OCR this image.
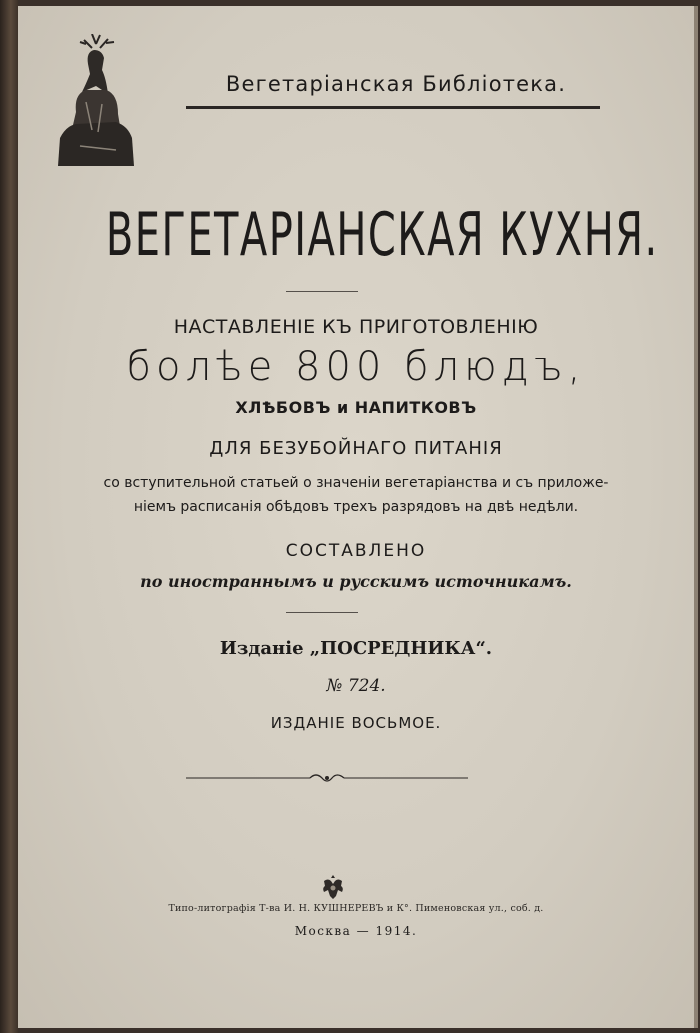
Вегетаріанская Библіотека.
ВЕГЕТАРІАНСКАЯ КУХНЯ.
НАСТАВЛЕНІЕ КЪ ПРИГОТОВЛЕНІЮ
болѣе 800 блюдъ,
ХЛѢБОВЪ и НАПИТКОВЪ
ДЛЯ БЕЗУБОЙНАГО ПИТАНІЯ
со вступительной статьей о значеніи вегетаріанства и съ приложе-
ніемъ расписанія обѣдовъ трехъ разрядовъ на двѣ недѣли.
СОСТАВЛЕНО
по иностраннымъ и русскимъ источникамъ.
Изданіе „ПОСРЕДНИКА“.
№ 724.
ИЗДАНІЕ ВОСЬМОЕ.
Типо-литографія Т-ва И. Н. КУШНЕРЕВЪ и К°. Пименовская ул., соб. д.
Москва — 1914.
